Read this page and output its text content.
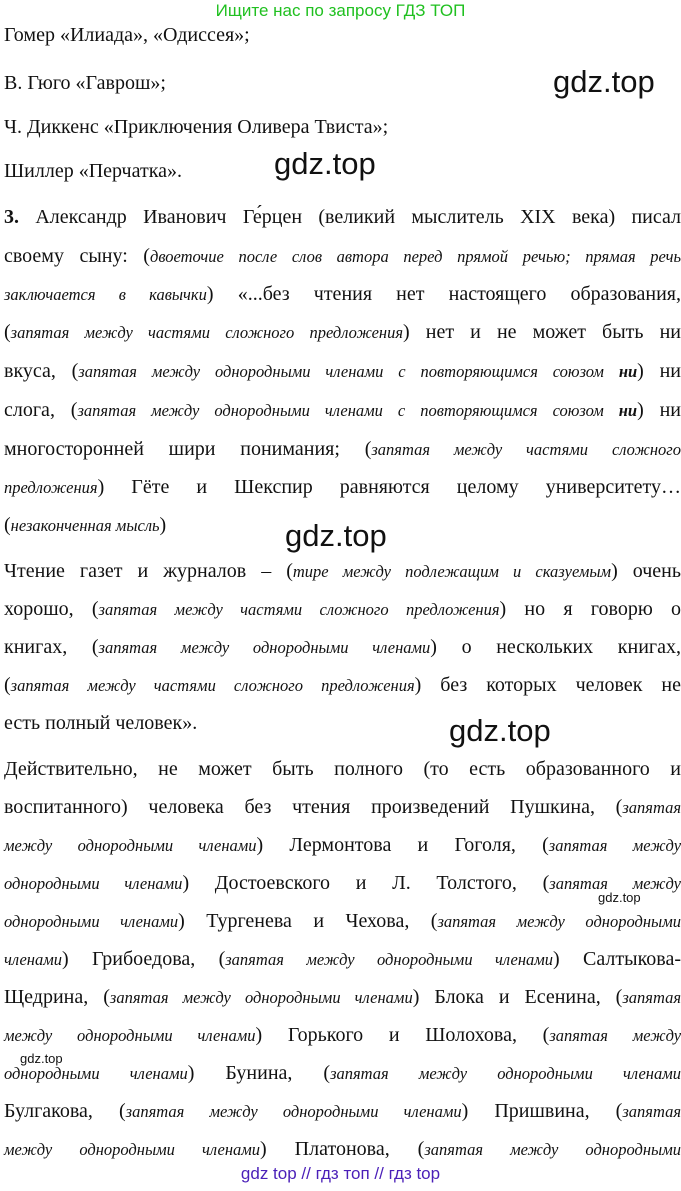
Ищите нас по запросу ГДЗ ТОП
Гомер «Илиада», «Одиссея»;
В. Гюго «Гаврош»;
Ч. Диккенс «Приключения Оливера Твиста»;
Шиллер «Перчатка».
3. Александр Иванович Ге́рцен (великий мыслитель XIX века) писал
своему сыну: (двоеточие после слов автора перед прямой речью; прямая речь
заключается в кавычки) «...без чтения нет настоящего образования,
(запятая между частями сложного предложения) нет и не может быть ни
вкуса, (запятая между однородными членами с повторяющимся союзом ни) ни
слога, (запятая между однородными членами с повторяющимся союзом ни) ни
многосторонней шири понимания; (запятая между частями сложного
предложения) Гёте и Шекспир равняются целому университету…
(незаконченная мысль)
Чтение газет и журналов – (тире между подлежащим и сказуемым) очень
хорошо, (запятая между частями сложного предложения) но я говорю о
книгах, (запятая между однородными членами) о нескольких книгах,
(запятая между частями сложного предложения) без которых человек не
есть полный человек».
Действительно, не может быть полного (то есть образованного и
воспитанного) человека без чтения произведений Пушкина, (запятая
между однородными членами) Лермонтова и Гоголя, (запятая между
однородными членами) Достоевского и Л. Толстого, (запятая между
однородными членами) Тургенева и Чехова, (запятая между однородными
членами) Грибоедова, (запятая между однородными членами) Салтыкова-
Щедрина, (запятая между однородными членами) Блока и Есенина, (запятая
между однородными членами) Горького и Шолохова, (запятая между
однородными членами) Бунина, (запятая между однородными членами
Булгакова, (запятая между однородными членами) Пришвина, (запятая
между однородными членами) Платонова, (запятая между однородными
gdz.top
gdz.top
gdz.top
gdz.top
gdz.top
gdz.top
gdz top // гдз топ // гдз top
